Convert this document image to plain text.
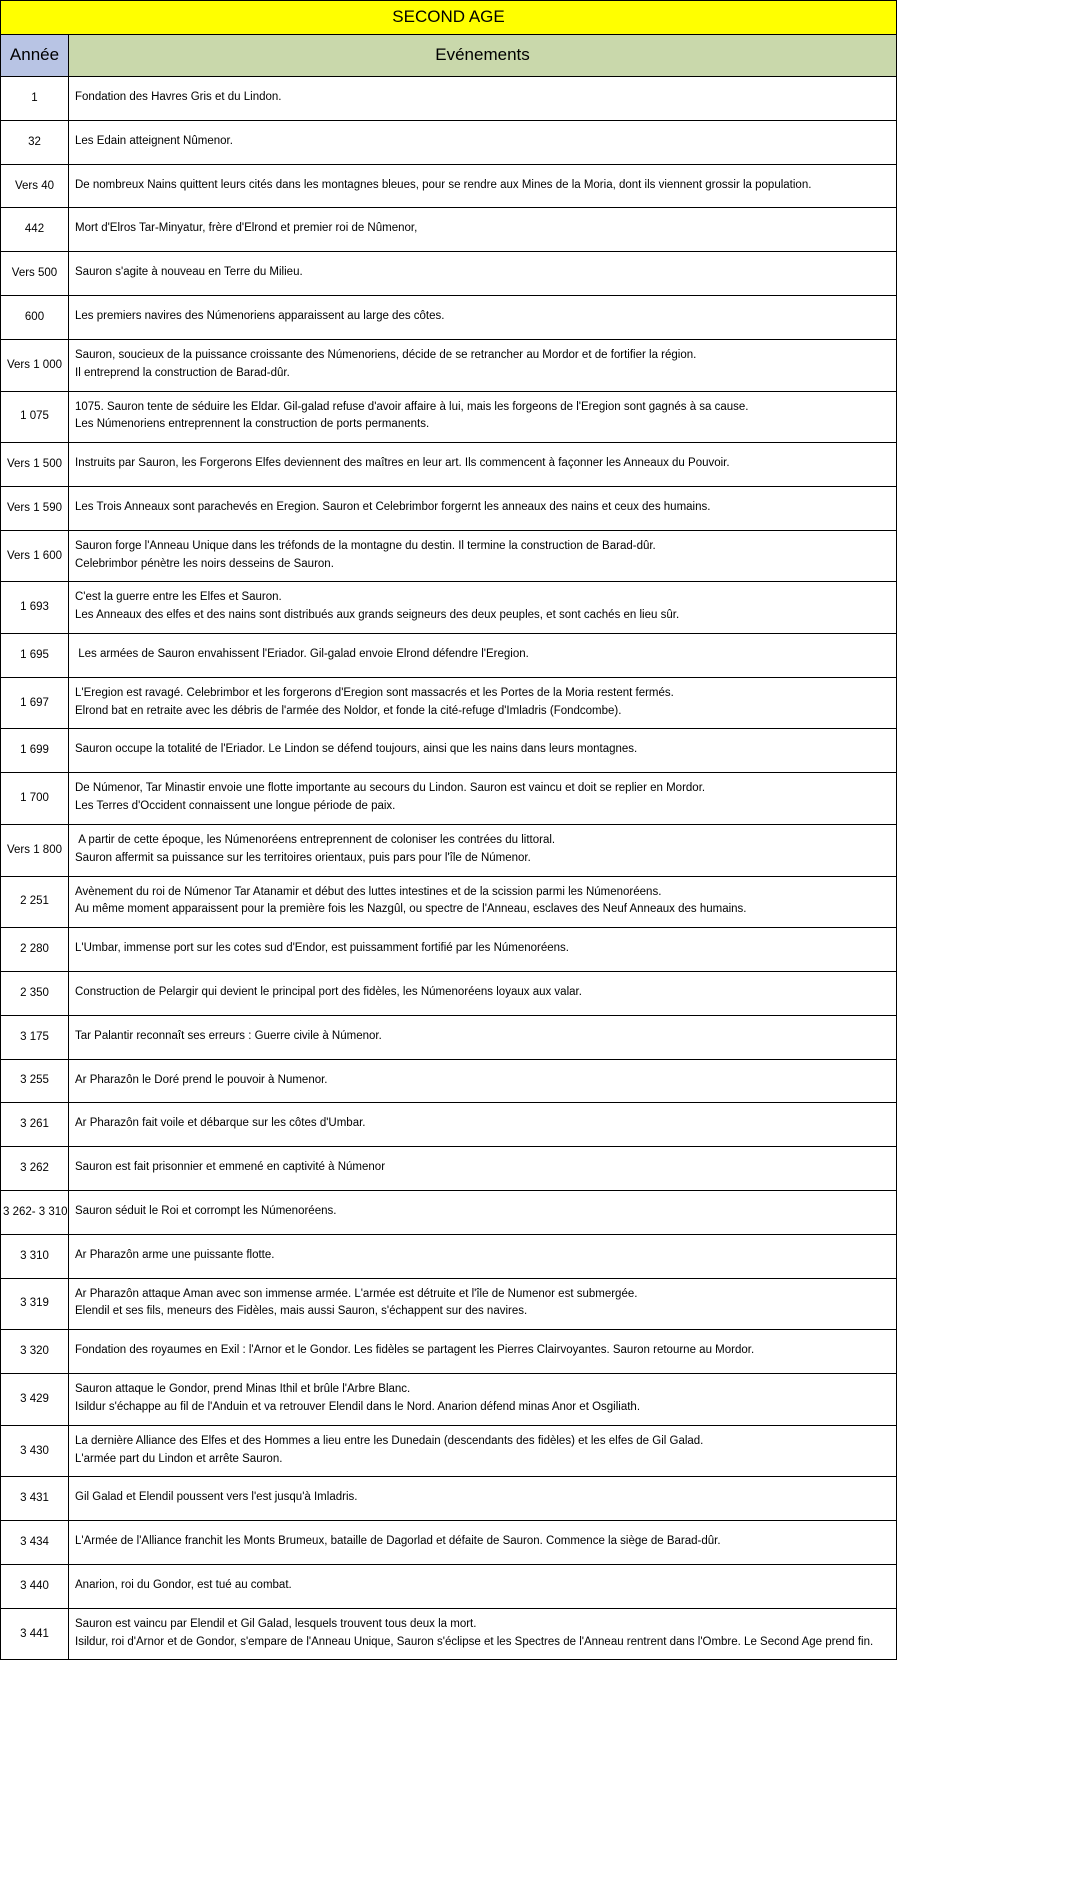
SECOND AGE	
Année	Evénements
1	Fondation des Havres Gris et du Lindon.

32	Les Edain atteignent Nûmenor.

Vers 40	De nombreux Nains quittent leurs cités dans les montagnes bleues, pour se rendre aux Mines de la Moria, dont ils viennent grossir la population.

442	Mort d'Elros Tar-Minyatur, frère d'Elrond et premier roi de Nûmenor,

Vers 500	Sauron s'agite à nouveau en Terre du Milieu.

600	Les premiers navires des Númenoriens apparaissent au large des côtes.

Vers 1 000	Sauron, soucieux de la puissance croissante des Númenoriens, décide de se retrancher au Mordor et de fortifier la région.
Il entreprend la construction de Barad-dûr.

1 075	1075. Sauron tente de séduire les Eldar. Gil-galad refuse d'avoir affaire à lui, mais les forgeons de l'Eregion sont gagnés à sa cause.
Les Númenoriens entreprennent la construction de ports permanents.

Vers 1 500	Instruits par Sauron, les Forgerons Elfes deviennent des maîtres en leur art. Ils commencent à façonner les Anneaux du Pouvoir.

Vers 1 590	Les Trois Anneaux sont parachevés en Eregion. Sauron et Celebrimbor forgernt les anneaux des nains et ceux des humains.

Vers 1 600	Sauron forge l'Anneau Unique dans les tréfonds de la montagne du destin. Il termine la construction de Barad-dûr.
Celebrimbor pénètre les noirs desseins de Sauron.

1 693	C'est la guerre entre les Elfes et Sauron.
Les Anneaux des elfes et des nains sont distribués aux grands seigneurs des deux peuples, et sont cachés en lieu sûr.

1 695	Les armées de Sauron envahissent l'Eriador. Gil-galad envoie Elrond défendre l'Eregion.

1 697	L'Eregion est ravagé. Celebrimbor et les forgerons d'Eregion sont massacrés et les Portes de la Moria restent fermés.
Elrond bat en retraite avec les débris de l'armée des Noldor, et fonde la cité-refuge d'Imladris (Fondcombe).

1 699	Sauron occupe la totalité de l'Eriador. Le Lindon se défend toujours, ainsi que les nains dans leurs montagnes.

1 700	De Númenor, Tar Minastir envoie une flotte importante au secours du Lindon. Sauron est vaincu et doit se replier en Mordor.
Les Terres d'Occident connaissent une longue période de paix.

Vers 1 800	A partir de cette époque, les Númenoréens entreprennent de coloniser les contrées du littoral.
Sauron affermit sa puissance sur les territoires orientaux, puis pars pour l'île de Númenor.

2 251	Avènement du roi de Númenor Tar Atanamir et début des luttes intestines et de la scission parmi les Númenoréens.
Au même moment apparaissent pour la première fois les Nazgûl, ou spectre de l'Anneau, esclaves des Neuf Anneaux des humains.

2 280	L'Umbar, immense port sur les cotes sud d'Endor, est puissamment fortifié par les Númenoréens.

2 350	Construction de Pelargir qui devient le principal port des fidèles, les Númenoréens loyaux aux valar.

3 175	Tar Palantir reconnaît ses erreurs : Guerre civile à Númenor.

3 255	Ar Pharazôn le Doré prend le pouvoir à Numenor.

3 261	Ar Pharazôn fait voile et débarque sur les côtes d'Umbar.

3 262	Sauron est fait prisonnier et emmené en captivité à Númenor

3 262- 3 310	Sauron séduit le Roi et corrompt les Númenoréens.

3 310	Ar Pharazôn arme une puissante flotte.

3 319	Ar Pharazôn attaque Aman avec son immense armée. L'armée est détruite et l'île de Numenor est submergée.
Elendil et ses fils, meneurs des Fidèles, mais aussi Sauron, s'échappent sur des navires.

3 320	Fondation des royaumes en Exil : l'Arnor et le Gondor. Les fidèles se partagent les Pierres Clairvoyantes. Sauron retourne au Mordor.

3 429	Sauron attaque le Gondor, prend Minas Ithil et brûle l'Arbre Blanc.
Isildur s'échappe au fil de l'Anduin et va retrouver Elendil dans le Nord. Anarion défend minas Anor et Osgiliath.

3 430	La dernière Alliance des Elfes et des Hommes a lieu entre les Dunedain (descendants des fidèles) et les elfes de Gil Galad.
L'armée part du Lindon et arrête Sauron.

3 431	Gil Galad et Elendil poussent vers l'est jusqu'à Imladris.

3 434	L'Armée de l'Alliance franchit les Monts Brumeux, bataille de Dagorlad et défaite de Sauron. Commence la siège de Barad-dûr.

3 440	Anarion, roi du Gondor, est tué au combat.

3 441	Sauron est vaincu par Elendil et Gil Galad, lesquels trouvent tous deux la mort.
Isildur, roi d'Arnor et de Gondor, s'empare de l'Anneau Unique, Sauron s'éclipse et les Spectres de l'Anneau rentrent dans l'Ombre. Le Second Age prend fin.
